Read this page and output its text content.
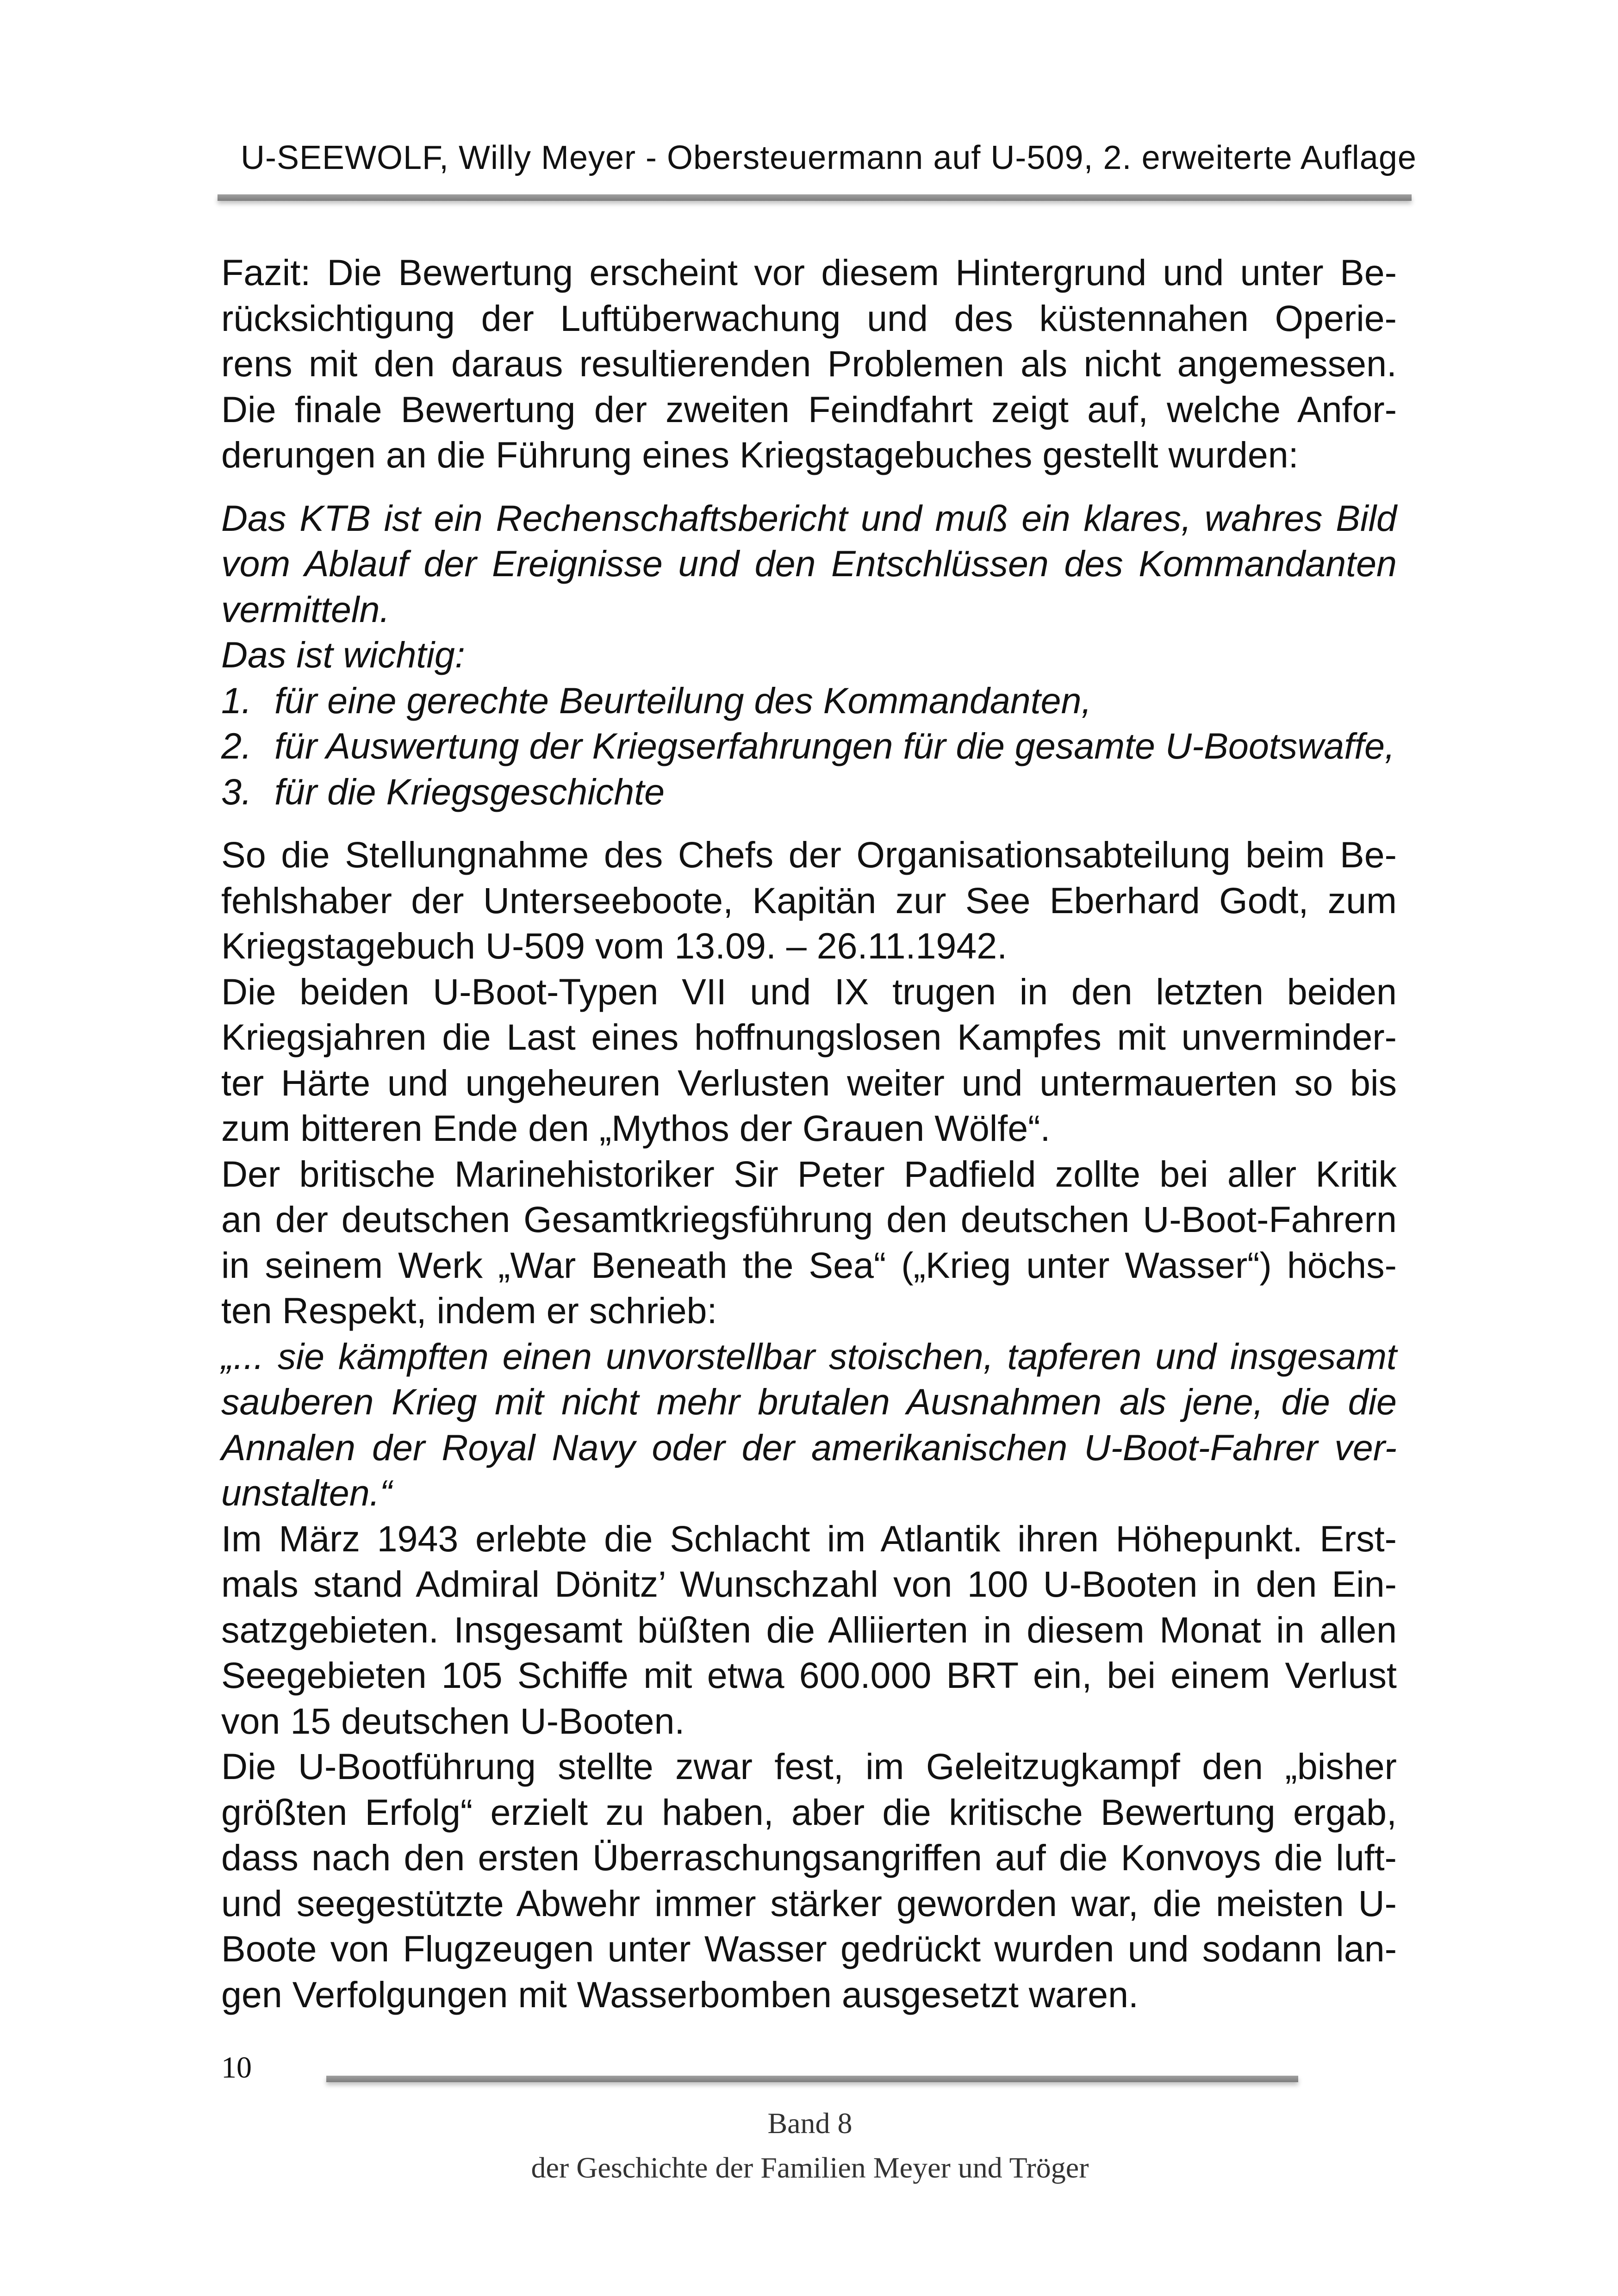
U-SEEWOLF, Willy Meyer - Obersteuermann auf U-509, 2. erweiterte Auflage
Fazit: Die Bewertung erscheint vor diesem Hintergrund und unter Be-
rücksichtigung der Luftüberwachung und des küstennahen Operie-
rens mit den daraus resultierenden Problemen als nicht angemessen.
Die finale Bewertung der zweiten Feindfahrt zeigt auf, welche Anfor-
derungen an die Führung eines Kriegstagebuches gestellt wurden:
Das KTB ist ein Rechenschaftsbericht und muß ein klares, wahres Bild
vom Ablauf der Ereignisse und den Entschlüssen des Kommandanten
vermitteln.
Das ist wichtig:
1. für eine gerechte Beurteilung des Kommandanten,
2. für Auswertung der Kriegserfahrungen für die gesamte U-Bootswaffe,
3. für die Kriegsgeschichte
So die Stellungnahme des Chefs der Organisationsabteilung beim Be-
fehlshaber der Unterseeboote, Kapitän zur See Eberhard Godt, zum
Kriegstagebuch U-509 vom 13.09. – 26.11.1942.
Die beiden U-Boot-Typen VII und IX trugen in den letzten beiden
Kriegsjahren die Last eines hoffnungslosen Kampfes mit unverminder-
ter Härte und ungeheuren Verlusten weiter und untermauerten so bis
zum bitteren Ende den „Mythos der Grauen Wölfe“.
Der britische Marinehistoriker Sir Peter Padfield zollte bei aller Kritik
an der deutschen Gesamtkriegsführung den deutschen U-Boot-Fahrern
in seinem Werk „War Beneath the Sea“ („Krieg unter Wasser“) höchs-
ten Respekt, indem er schrieb:
„... sie kämpften einen unvorstellbar stoischen, tapferen und insgesamt
sauberen Krieg mit nicht mehr brutalen Ausnahmen als jene, die die
Annalen der Royal Navy oder der amerikanischen U-Boot-Fahrer ver-
unstalten.“
Im März 1943 erlebte die Schlacht im Atlantik ihren Höhepunkt. Erst-
mals stand Admiral Dönitz’ Wunschzahl von 100 U-Booten in den Ein-
satzgebieten. Insgesamt büßten die Alliierten in diesem Monat in allen
Seegebieten 105 Schiffe mit etwa 600.000 BRT ein, bei einem Verlust
von 15 deutschen U-Booten.
Die U-Bootführung stellte zwar fest, im Geleitzugkampf den „bisher
größten Erfolg“ erzielt zu haben, aber die kritische Bewertung ergab,
dass nach den ersten Überraschungsangriffen auf die Konvoys die luft-
und seegestützte Abwehr immer stärker geworden war, die meisten U-
Boote von Flugzeugen unter Wasser gedrückt wurden und sodann lan-
gen Verfolgungen mit Wasserbomben ausgesetzt waren.
10
Band 8
der Geschichte der Familien Meyer und Tröger
